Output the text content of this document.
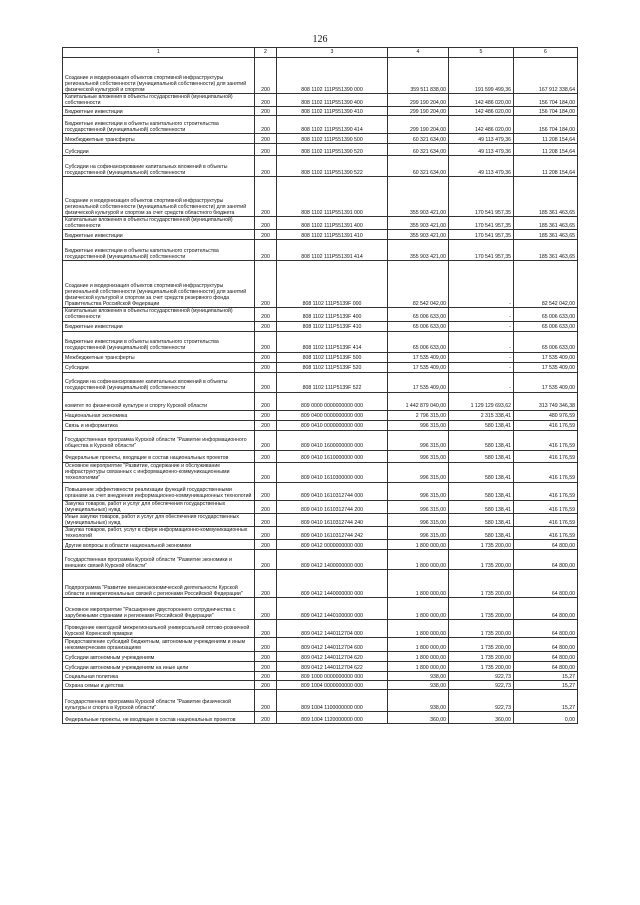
126
1	2	3	4	5	6
Создание и модернизация объектов спортивной инфраструктуры региональной собственности (муниципальной собственности) для занятий физической культурой и спортом	200	808 1102 111P551390 000	359 511 838,00	191 599 499,36	167 912 338,64
Капитальные вложения в объекты государственной (муниципальной) собственности	200	808 1102 111P551390 400	299 190 204,00	142 486 020,00	156 704 184,00
Бюджетные инвестиции	200	808 1102 111P551390 410	299 190 204,00	142 486 020,00	156 704 184,00
Бюджетные инвестиции в объекты капитального строительства государственной (муниципальной) собственности	200	808 1102 111P551390 414	299 190 204,00	142 486 020,00	156 704 184,00
Межбюджетные трансферты	200	808 1102 111P551390 500	60 321 634,00	49 113 479,36	11 208 154,64
Субсидии	200	808 1102 111P551390 520	60 321 634,00	49 113 479,36	11 208 154,64
Субсидии на софинансирование капитальных вложений в объекты государственной (муниципальной) собственности	200	808 1102 111P551390 522	60 321 634,00	49 113 479,36	11 208 154,64
Создание и модернизация объектов спортивной инфраструктуры региональной собственности (муниципальной собственности) для занятий физической культурой и спортом за счет средств областного бюджета	200	808 1102 111P551391 000	355 903 421,00	170 541 957,35	185 361 463,65
Капитальные вложения в объекты государственной (муниципальной) собственности	200	808 1102 111P551391 400	355 903 421,00	170 541 957,35	185 361 463,65
Бюджетные инвестиции	200	808 1102 111P551391 410	355 903 421,00	170 541 957,35	185 361 463,65
Бюджетные инвестиции в объекты капитального строительства государственной (муниципальной) собственности	200	808 1102 111P551391 414	355 903 421,00	170 541 957,35	185 361 463,65
Создание и модернизация объектов спортивной инфраструктуры региональной собственности (муниципальной собственности) для занятий физической культурой и спортом за счет средств резервного фонда Правительства Российской Федерации	200	808 1102 111P5139F 000	82 542 042,00	-	82 542 042,00
Капитальные вложения в объекты государственной (муниципальной) собственности	200	808 1102 111P5139F 400	65 006 633,00	-	65 006 633,00
Бюджетные инвестиции	200	808 1102 111P5139F 410	65 006 633,00	-	65 006 633,00
Бюджетные инвестиции в объекты капитального строительства государственной (муниципальной) собственности	200	808 1102 111P5139F 414	65 006 633,00	-	65 006 633,00
Межбюджетные трансферты	200	808 1102 111P5139F 500	17 535 409,00	-	17 535 409,00
Субсидии	200	808 1102 111P5139F 520	17 535 409,00	-	17 535 409,00
Субсидии на софинансирование капитальных вложений в объекты государственной (муниципальной) собственности	200	808 1102 111P5139F 522	17 535 409,00	-	17 535 409,00
комитет по физической культуре и спорту Курской области	200	809 0000 0000000000 000	1 442 879 040,00	1 129 129 693,62	313 749 346,38
Национальная экономика	200	809 0400 0000000000 000	2 796 315,00	2 315 338,41	480 976,59
Связь и информатика	200	809 0410 0000000000 000	996 315,00	580 138,41	416 176,59
Государственная программа Курской области "Развитие информационного общества в Курской области"	200	809 0410 1600000000 000	996 315,00	580 138,41	416 176,59
Федеральные проекты, входящие в состав национальных проектов	200	809 0410 1610000000 000	996 315,00	580 138,41	416 176,59
Основное мероприятие "Развитие, содержание и обслуживание инфраструктуры связанных с информационно-коммуникационными технологиями"	200	809 0410 1610300000 000	996 315,00	580 138,41	416 176,59
Повышение эффективности реализации функций государственными органами за счет внедрения информационно-коммуникационных технологий	200	809 0410 1610312744 000	996 315,00	580 138,41	416 176,59
Закупка товаров, работ и услуг для обеспечения государственных (муниципальных) нужд	200	809 0410 1610312744 200	996 315,00	580 138,41	416 176,59
Иные закупки товаров, работ и услуг для обеспечения государственных (муниципальных) нужд	200	809 0410 1610312744 240	996 315,00	580 138,41	416 176,59
Закупка товаров, работ, услуг в сфере информационно-коммуникационных технологий	200	809 0410 1610312744 242	996 315,00	580 138,41	416 176,59
Другие вопросы в области национальной экономики	200	809 0412 0000000000 000	1 800 000,00	1 735 200,00	64 800,00
Государственная программа Курской области "Развитие экономики и внешних связей Курской области"	200	809 0412 1400000000 000	1 800 000,00	1 735 200,00	64 800,00
Подпрограмма "Развитие внешнеэкономической деятельности Курской области и межрегиональных связей с регионами Российской Федерации"	200	809 0412 1440000000 000	1 800 000,00	1 735 200,00	64 800,00
Основное мероприятие "Расширение двустороннего сотрудничества с зарубежными странами и регионами Российской Федерации"	200	809 0412 1440100000 000	1 800 000,00	1 735 200,00	64 800,00
Проведение ежегодной межрегиональной универсальной оптово-розничной Курской Коренской ярмарки	200	809 0412 1440112704 000	1 800 000,00	1 735 200,00	64 800,00
Предоставление субсидий бюджетным, автономным учреждениям и иным некоммерческим организациям	200	809 0412 1440112704 600	1 800 000,00	1 735 200,00	64 800,00
Субсидии автономным учреждениям	200	809 0412 1440112704 620	1 800 000,00	1 735 200,00	64 800,00
Субсидии автономным учреждениям на иные цели	200	809 0412 1440112704 622	1 800 000,00	1 735 200,00	64 800,00
Социальная политика	200	809 1000 0000000000 000	938,00	922,73	15,27
Охрана семьи и детства	200	809 1004 0000000000 000	938,00	922,73	15,27
Государственная программа Курской области "Развитие физической культуры и спорта в Курской области"	200	809 1004 1100000000 000	938,00	922,73	15,27
Федеральные проекты, не входящие в состав национальных проектов	200	809 1004 1120000000 000	360,00	360,00	0,00
